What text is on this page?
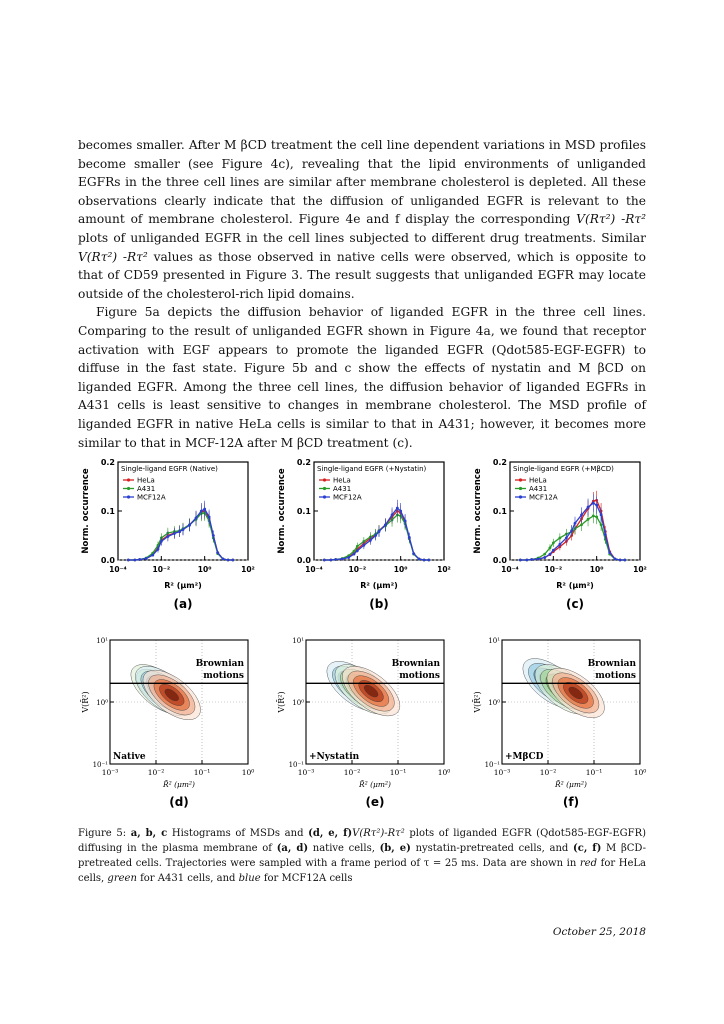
becomes smaller. After M βCD treatment the cell line dependent variations in MSD profiles become smaller (see Figure 4c), revealing that the lipid environments of unliganded EGFRs in the three cell lines are similar after membrane cholesterol is depleted. All these observations clearly indicate that the diffusion of unliganded EGFR is relevant to the amount of membrane cholesterol. Figure 4e and f display the corresponding V(Rτ²) -Rτ² plots of unliganded EGFR in the cell lines subjected to different drug treatments. Similar V(Rτ²) -Rτ² values as those observed in native cells were observed, which is opposite to that of CD59 presented in Figure 3. The result suggests that unliganded EGFR may locate outside of the cholesterol-rich lipid domains.

Figure 5a depicts the diffusion behavior of liganded EGFR in the three cell lines. Comparing to the result of unliganded EGFR shown in Figure 4a, we found that receptor activation with EGF appears to promote the liganded EGFR (Qdot585-EGF-EGFR) to diffuse in the fast state. Figure 5b and c show the effects of nystatin and M βCD on liganded EGFR. Among the three cell lines, the diffusion behavior of liganded EGFRs in A431 cells is least sensitive to changes in membrane cholesterol. The MSD profile of liganded EGFR in native HeLa cells is similar to that in A431; however, it becomes more similar to that in MCF-12A after M βCD treatment (c).

0.0
0.1
0.2
10⁻⁴	10⁻²	10⁰	10²
R² (μm²)
Norm. occurrence	Single-ligand EGFR (Native)
HeLa
A431
MCF12A
(a)
0.0
0.1
0.2
10⁻⁴	10⁻²	10⁰	10²
R² (μm²)
Norm. occurrence	Single-ligand EGFR (+Nystatin)
HeLa
A431
MCF12A
(b)
0.0
0.1
0.2
10⁻⁴	10⁻²	10⁰	10²
R² (μm²)
Norm. occurrence	Single-ligand EGFR (+MβCD)
HeLa
A431
MCF12A
(c)
Brownian
motions
Native
10⁻³	10⁻²	10⁻¹	10⁰
10⁻¹
10⁰
10¹
R̄² (μm²)
V(R̄²)
(d)
Brownian
motions
+Nystatin
10⁻³	10⁻²	10⁻¹	10⁰
10⁻¹
10⁰
10¹
R̄² (μm²)
V(R̄²)
(e)
Brownian
motions
+MβCD
10⁻³	10⁻²	10⁻¹	10⁰
10⁻¹
10⁰
10¹
R̄² (μm²)
V(R̄²)
(f)
Figure 5: a, b, c Histograms of MSDs and (d, e, f)V(Rτ²)-Rτ² plots of liganded EGFR (Qdot585-EGF-EGFR) diffusing in the plasma membrane of (a, d) native cells, (b, e) nystatin-pretreated cells, and (c, f) M βCD-pretreated cells. Trajectories were sampled with a frame period of τ = 25 ms. Data are shown in red for HeLa cells, green for A431 cells, and blue for MCF12A cells
October 25, 2018
